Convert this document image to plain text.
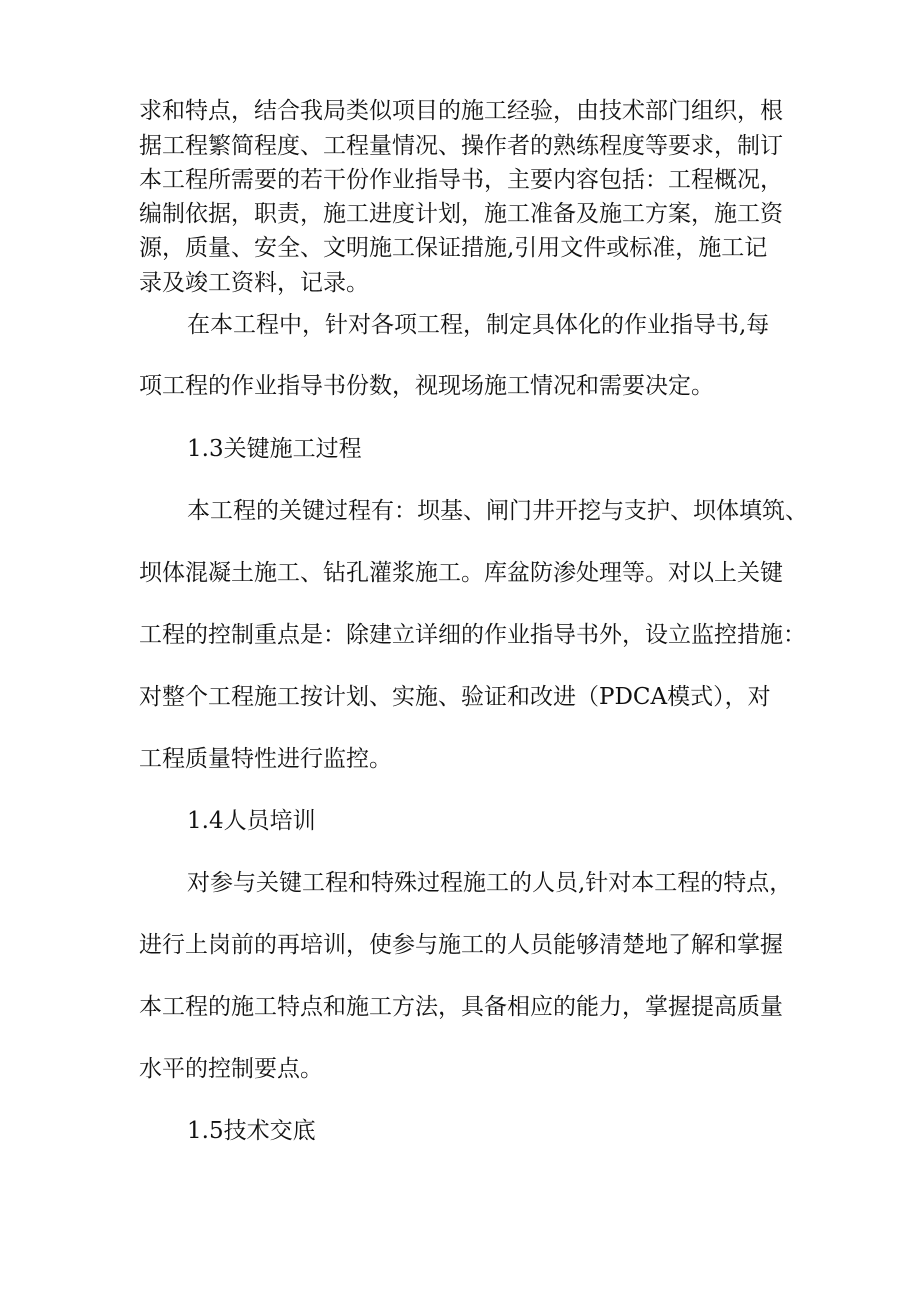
求和特点，结合我局类似项目的施工经验，由技术部门组织，根
据工程繁简程度、工程量情况、操作者的熟练程度等要求，制订
本工程所需要的若干份作业指导书，主要内容包括：工程概况，
编制依据，职责，施工进度计划，施工准备及施工方案，施工资
源，质量、安全、文明施工保证措施,引用文件或标准，施工记
录及竣工资料，记录。
在本工程中，针对各项工程，制定具体化的作业指导书,每
项工程的作业指导书份数，视现场施工情况和需要决定。
1.3关键施工过程
本工程的关键过程有：坝基、闸门井开挖与支护、坝体填筑、
坝体混凝土施工、钻孔灌浆施工。库盆防渗处理等。对以上关键
工程的控制重点是：除建立详细的作业指导书外，设立监控措施：
对整个工程施工按计划、实施、验证和改进（PDCA模式），对
工程质量特性进行监控。
1.4人员培训
对参与关键工程和特殊过程施工的人员,针对本工程的特点，
进行上岗前的再培训，使参与施工的人员能够清楚地了解和掌握
本工程的施工特点和施工方法，具备相应的能力，掌握提高质量
水平的控制要点。
1.5技术交底
